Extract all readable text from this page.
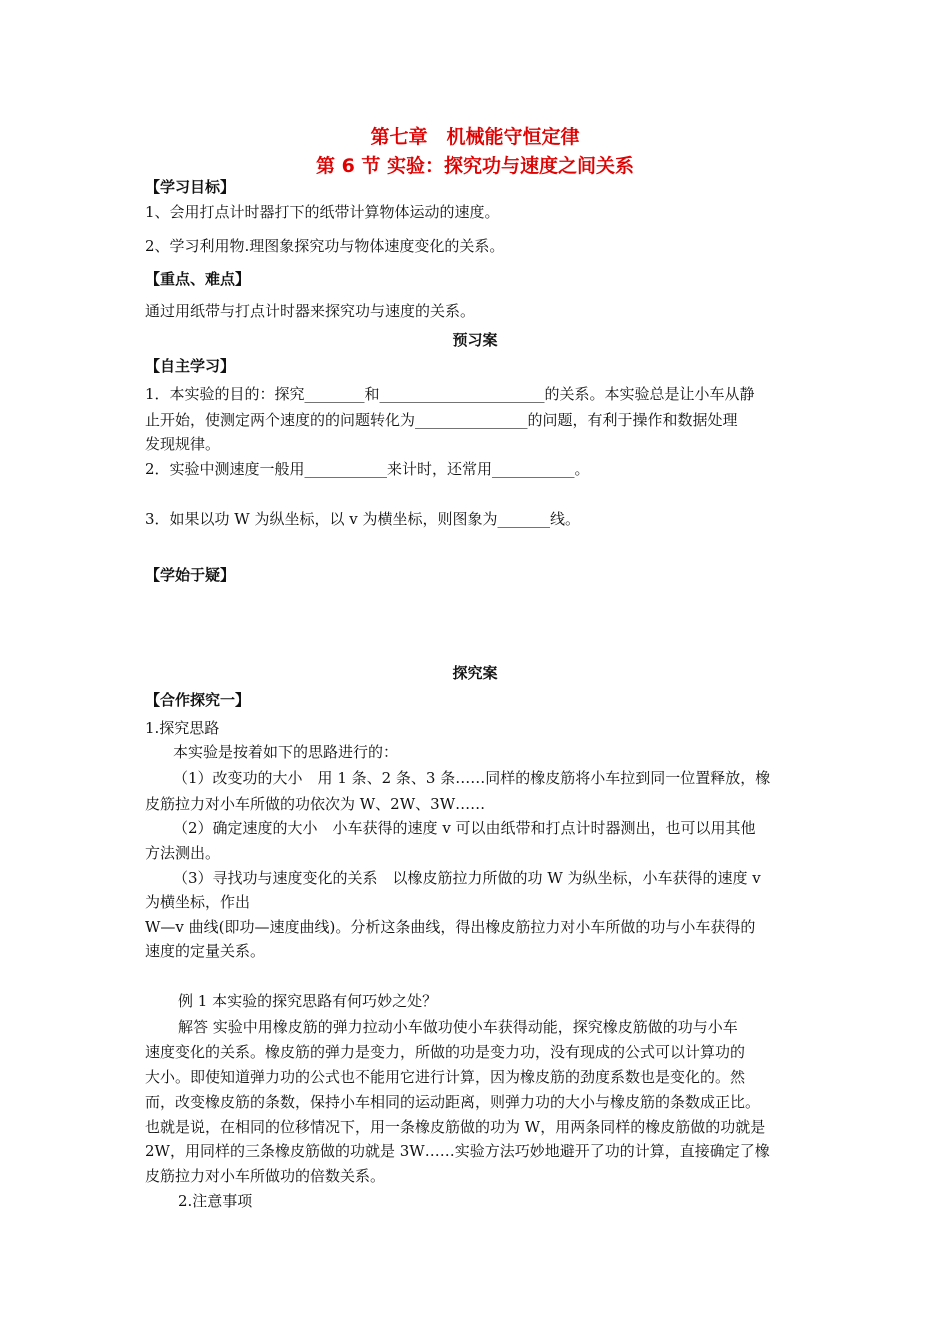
第七章　机械能守恒定律
第 6 节 实验：探究功与速度之间关系
【学习目标】
1、会用打点计时器打下的纸带计算物体运动的速度。
2、学习利用物.理图象探究功与物体速度变化的关系。
【重点、难点】
通过用纸带与打点计时器来探究功与速度的关系。
预习案
【自主学习】
1．本实验的目的：探究________和______________________的关系。本实验总是让小车从静
止开始，使测定两个速度的的问题转化为_______________的问题，有利于操作和数据处理
发现规律。
2．实验中测速度一般用___________来计时，还常用___________。
3．如果以功 W 为纵坐标，以 v 为横坐标，则图象为_______线。
【学始于疑】
探究案
【合作探究一】
1.探究思路
本实验是按着如下的思路进行的：
（1）改变功的大小　用 1 条、2 条、3 条……同样的橡皮筋将小车拉到同一位置释放，橡
皮筋拉力对小车所做的功依次为 W、2W、3W……
（2）确定速度的大小　小车获得的速度 v 可以由纸带和打点计时器测出，也可以用其他
方法测出。
（3）寻找功与速度变化的关系　以橡皮筋拉力所做的功 W 为纵坐标，小车获得的速度 v
为横坐标，作出
W—v 曲线(即功—速度曲线)。分析这条曲线，得出橡皮筋拉力对小车所做的功与小车获得的
速度的定量关系。
例 1 本实验的探究思路有何巧妙之处？
解答 实验中用橡皮筋的弹力拉动小车做功使小车获得动能，探究橡皮筋做的功与小车
速度变化的关系。橡皮筋的弹力是变力，所做的功是变力功，没有现成的公式可以计算功的
大小。即使知道弹力功的公式也不能用它进行计算，因为橡皮筋的劲度系数也是变化的。然
而，改变橡皮筋的条数，保持小车相同的运动距离，则弹力功的大小与橡皮筋的条数成正比。
也就是说，在相同的位移情况下，用一条橡皮筋做的功为 W，用两条同样的橡皮筋做的功就是
2W，用同样的三条橡皮筋做的功就是 3W……实验方法巧妙地避开了功的计算，直接确定了橡
皮筋拉力对小车所做功的倍数关系。
2.注意事项
